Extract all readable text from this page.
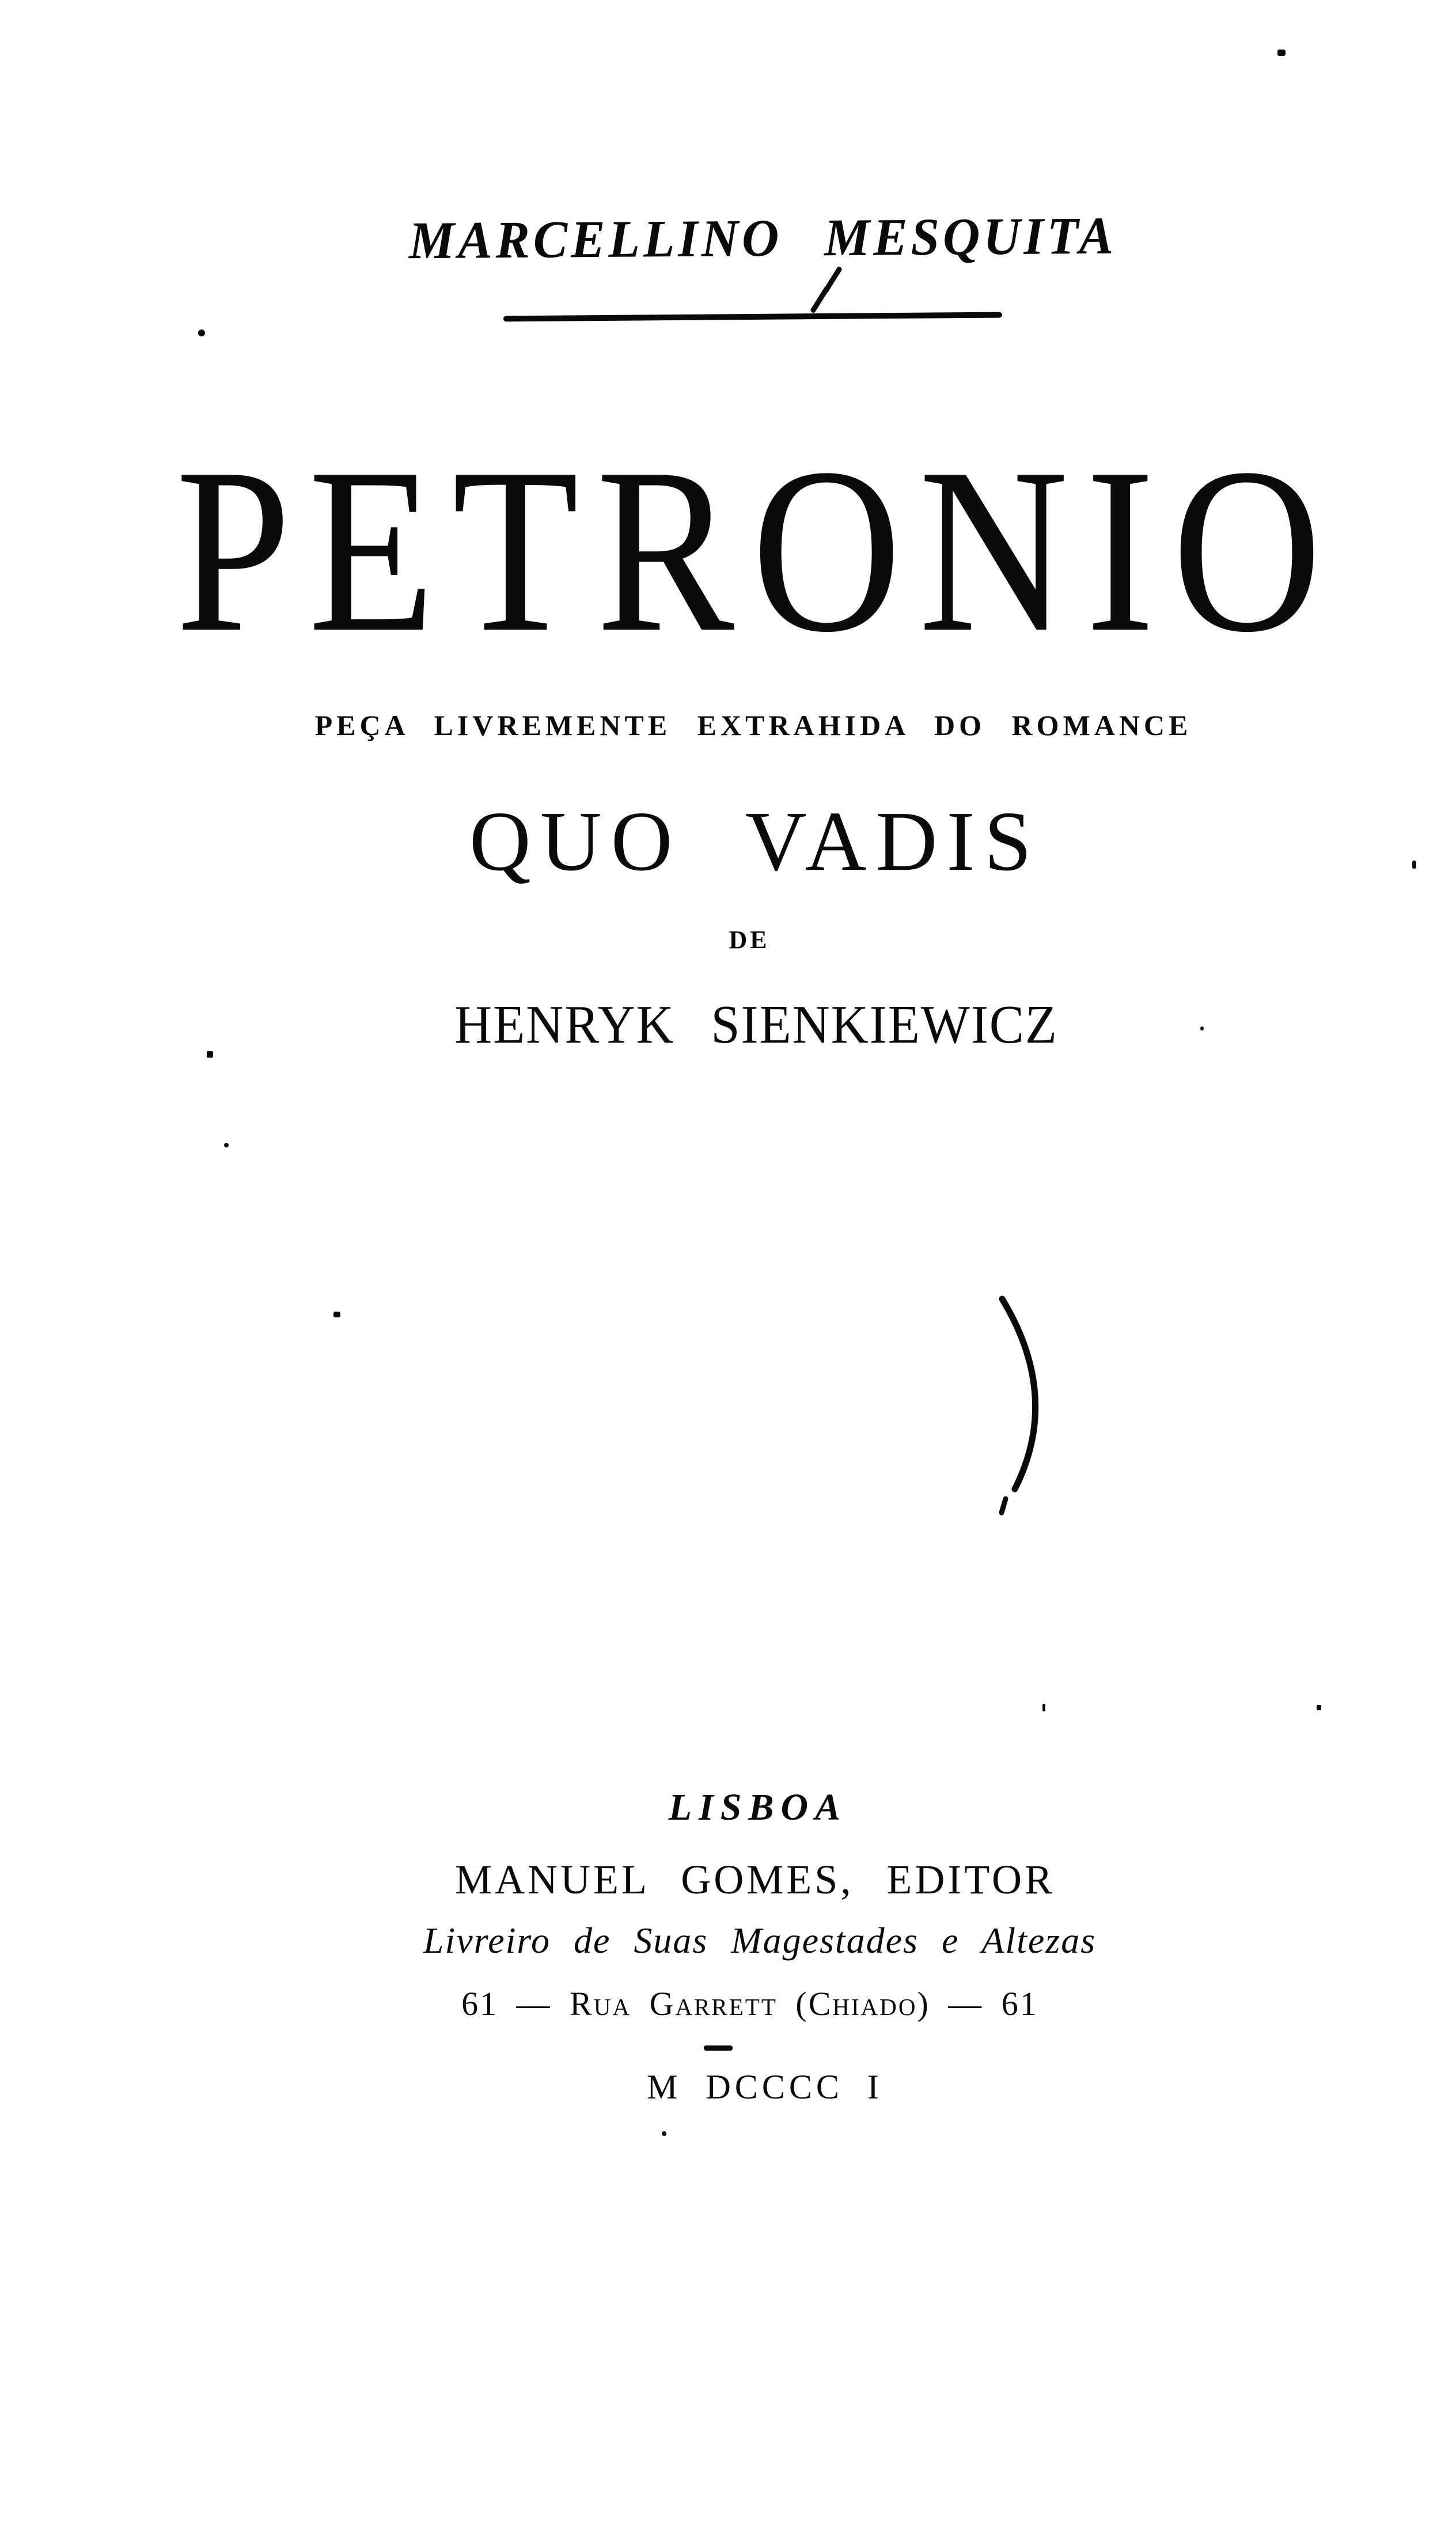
MARCELLINO MESQUITA
PETRONIO
PEÇA LIVREMENTE EXTRAHIDA DO ROMANCE
QUO VADIS
DE
HENRYK SIENKIEWICZ
LISBOA
MANUEL GOMES, EDITOR
Livreiro de Suas Magestades e Altezas
61 — Rua Garrett (Chiado) — 61
M DCCCC I
